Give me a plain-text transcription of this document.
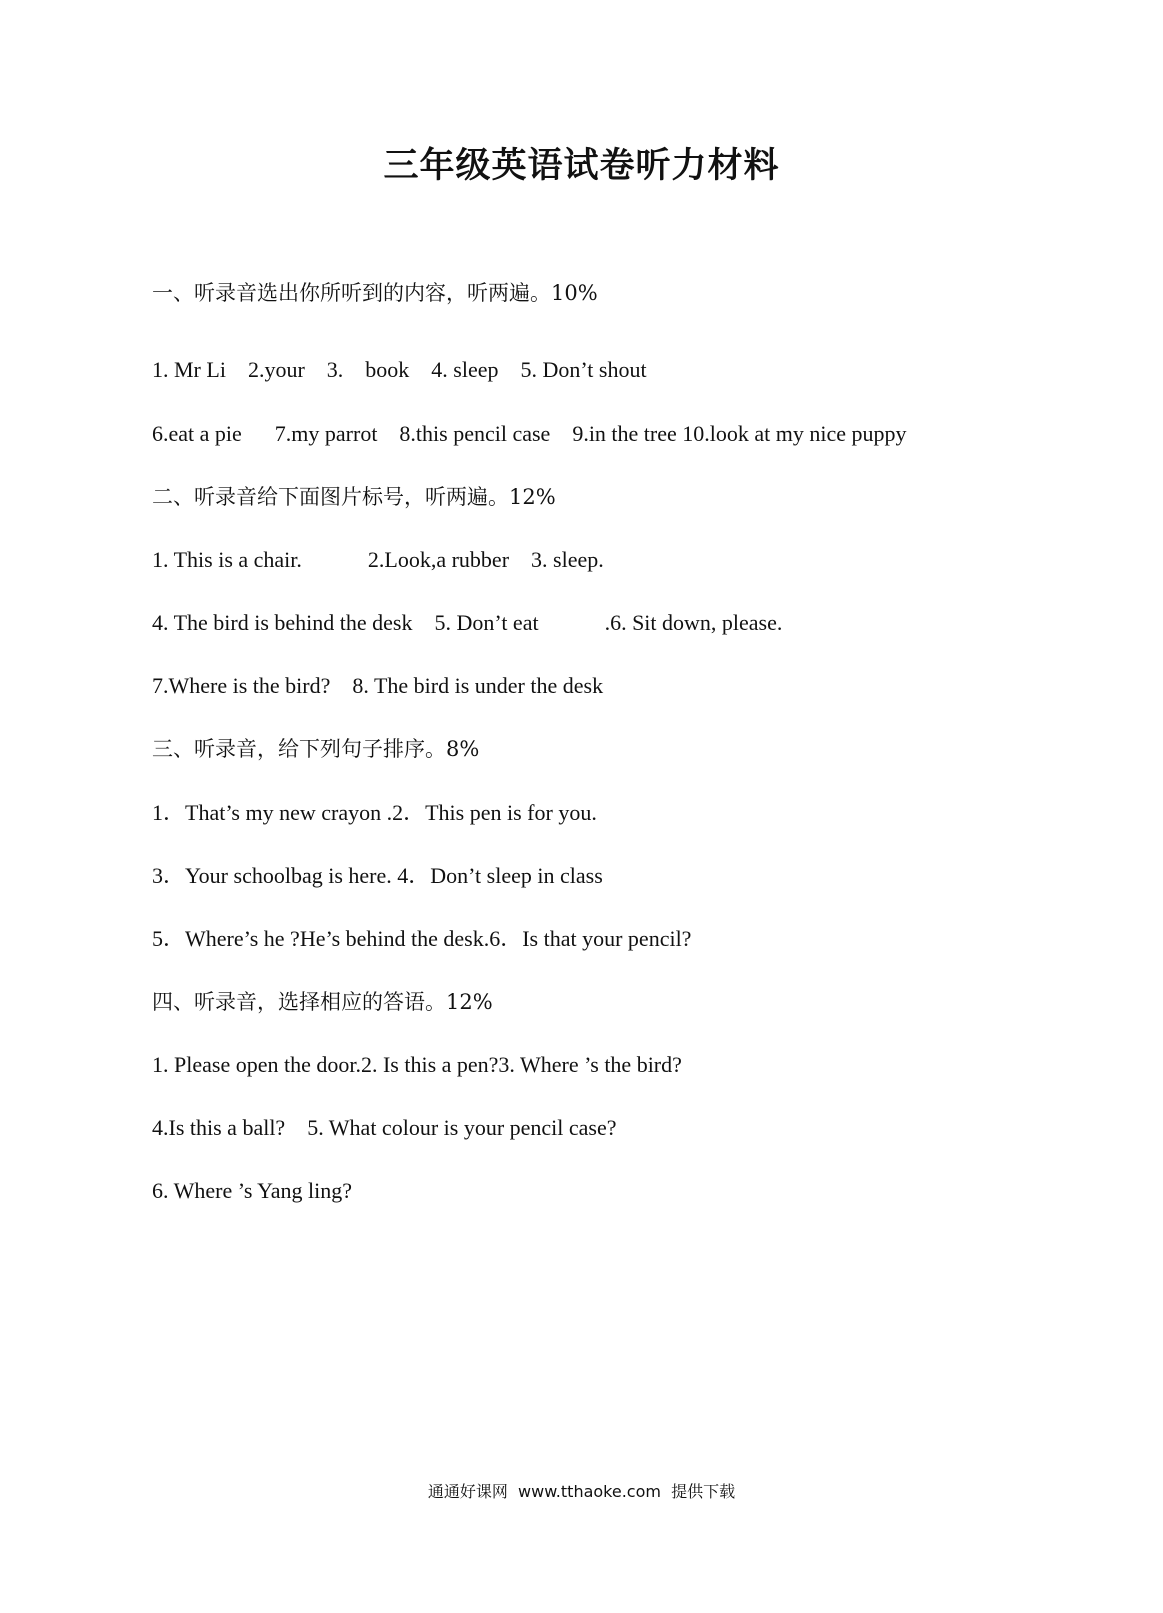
三年级英语试卷听力材料

一、听录音选出你所听到的内容，听两遍。10%

1. Mr Li    2.your    3.    book    4. sleep    5. Don’t shout

6.eat a pie      7.my parrot    8.this pencil case    9.in the tree 10.look at my nice puppy

二、听录音给下面图片标号，听两遍。12%

1. This is a chair.            2.Look,a rubber    3. sleep.

4. The bird is behind the desk    5. Don’t eat            .6. Sit down, please.

7.Where is the bird?    8. The bird is under the desk

三、听录音，给下列句子排序。8%

1．That’s my new crayon .2．This pen is for you.

3．Your schoolbag is here. 4．Don’t sleep in class

5．Where’s he ?He’s behind the desk.6．Is that your pencil?

四、听录音，选择相应的答语。12%

1. Please open the door.2. Is this a pen?3. Where ’s the bird?

4.Is this a ball?    5. What colour is your pencil case?

6. Where ’s Yang ling?

通通好课网  www.tthaoke.com  提供下载
